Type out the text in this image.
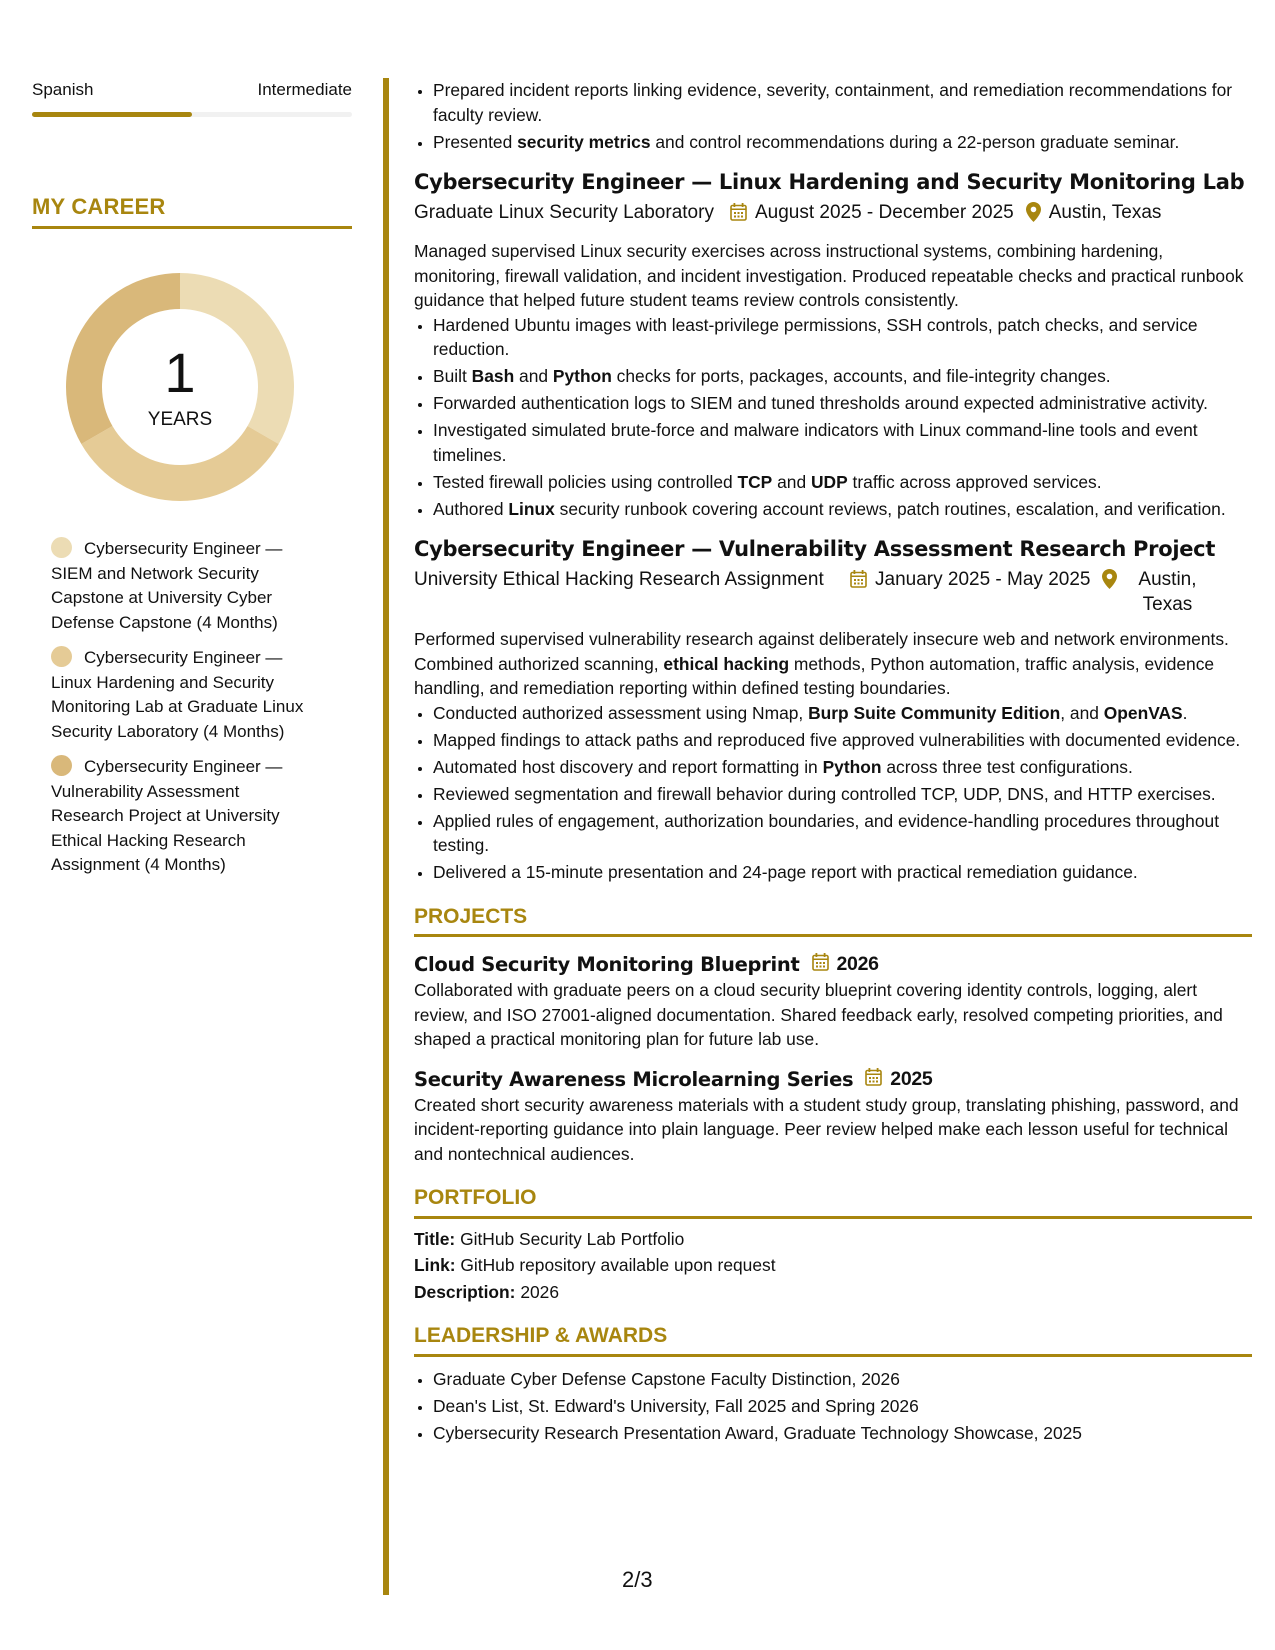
Spanish	Intermediate
MY CAREER
1
YEARS
Cybersecurity Engineer — SIEM and Network Security Capstone at University Cyber Defense Capstone (4 Months)
Cybersecurity Engineer — Linux Hardening and Security Monitoring Lab at Graduate Linux Security Laboratory (4 Months)
Cybersecurity Engineer — Vulnerability Assessment Research Project at University Ethical Hacking Research Assignment (4 Months)
• Prepared incident reports linking evidence, severity, containment, and remediation recommendations for faculty review.
• Presented security metrics and control recommendations during a 22-person graduate seminar.
Cybersecurity Engineer — Linux Hardening and Security Monitoring Lab
Graduate Linux Security Laboratory August 2025 - December 2025 Austin, Texas
Managed supervised Linux security exercises across instructional systems, combining hardening, monitoring, firewall validation, and incident investigation. Produced repeatable checks and practical runbook guidance that helped future student teams review controls consistently.
• Hardened Ubuntu images with least-privilege permissions, SSH controls, patch checks, and service reduction.
• Built Bash and Python checks for ports, packages, accounts, and file-integrity changes.
• Forwarded authentication logs to SIEM and tuned thresholds around expected administrative activity.
• Investigated simulated brute-force and malware indicators with Linux command-line tools and event timelines.
• Tested firewall policies using controlled TCP and UDP traffic across approved services.
• Authored Linux security runbook covering account reviews, patch routines, escalation, and verification.
Cybersecurity Engineer — Vulnerability Assessment Research Project
University Ethical Hacking Research Assignment	January 2025 - May 2025	Austin, Texas
Performed supervised vulnerability research against deliberately insecure web and network environments. Combined authorized scanning, ethical hacking methods, Python automation, traffic analysis, evidence handling, and remediation reporting within defined testing boundaries.
• Conducted authorized assessment using Nmap, Burp Suite Community Edition, and OpenVAS.
• Mapped findings to attack paths and reproduced five approved vulnerabilities with documented evidence.
• Automated host discovery and report formatting in Python across three test configurations.
• Reviewed segmentation and firewall behavior during controlled TCP, UDP, DNS, and HTTP exercises.
• Applied rules of engagement, authorization boundaries, and evidence-handling procedures throughout testing.
• Delivered a 15-minute presentation and 24-page report with practical remediation guidance.
PROJECTS
Cloud Security Monitoring Blueprint 2026
Collaborated with graduate peers on a cloud security blueprint covering identity controls, logging, alert review, and ISO 27001-aligned documentation. Shared feedback early, resolved competing priorities, and shaped a practical monitoring plan for future lab use.
Security Awareness Microlearning Series 2025
Created short security awareness materials with a student study group, translating phishing, password, and incident-reporting guidance into plain language. Peer review helped make each lesson useful for technical and nontechnical audiences.
PORTFOLIO
Title: GitHub Security Lab Portfolio
Link: GitHub repository available upon request
Description: 2026
LEADERSHIP & AWARDS
• Graduate Cyber Defense Capstone Faculty Distinction, 2026
• Dean's List, St. Edward's University, Fall 2025 and Spring 2026
• Cybersecurity Research Presentation Award, Graduate Technology Showcase, 2025
2/3
